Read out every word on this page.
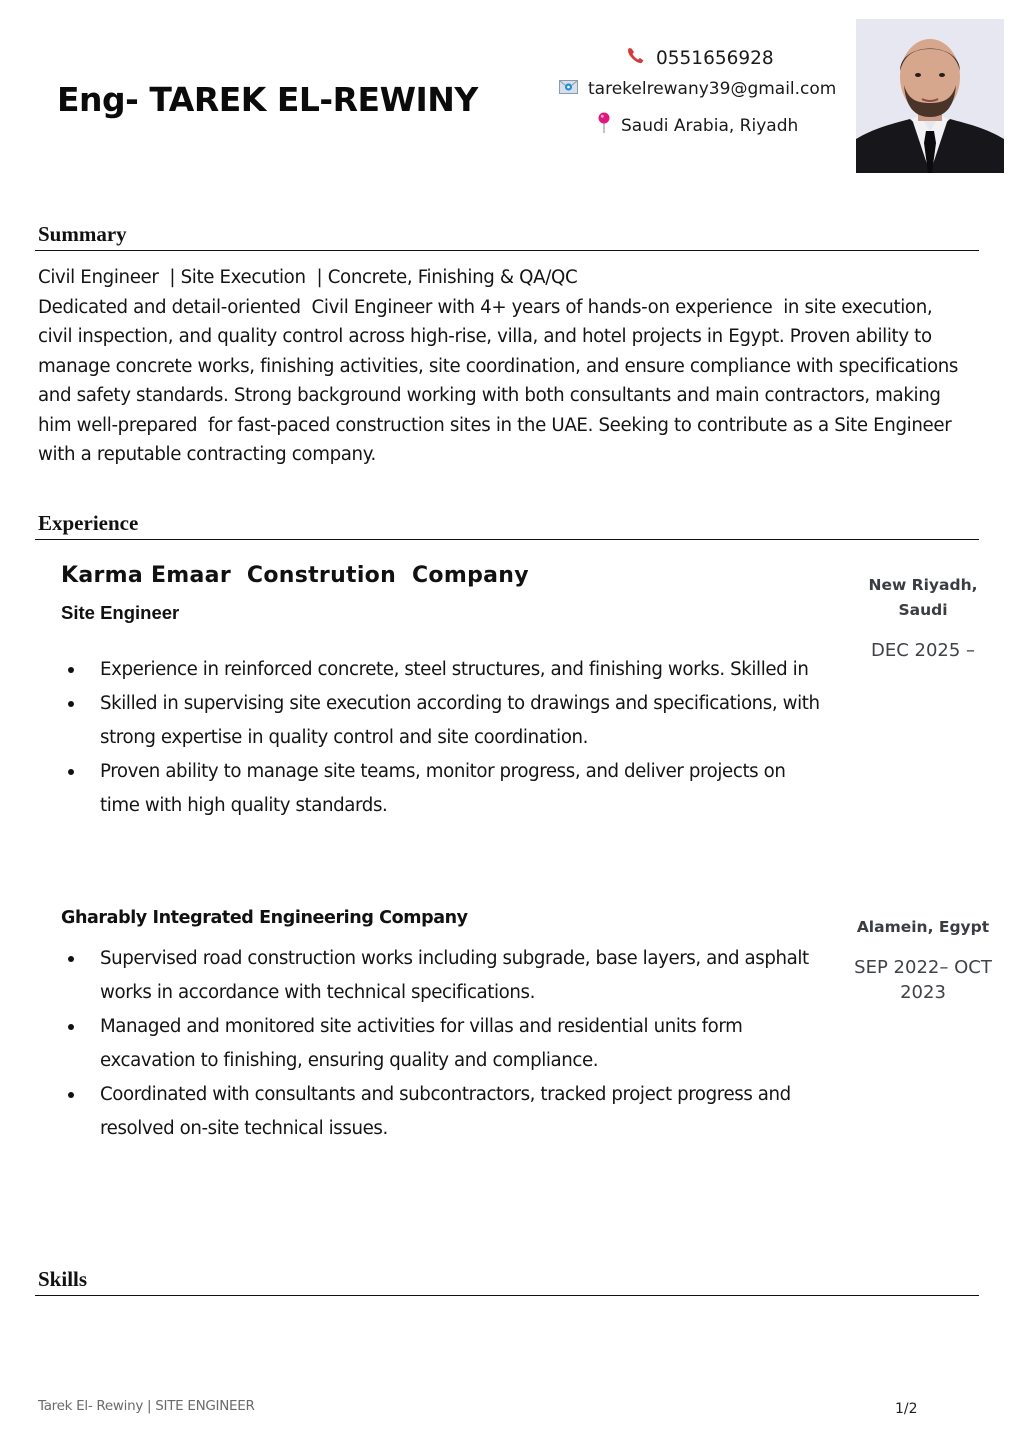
Eng- TAREK EL-REWINY
0551656928
tarekelrewany39@gmail.com
Saudi Arabia, Riyadh
Summary

Civil Engineer  | Site Execution  | Concrete, Finishing & QA/QC

Dedicated and detail-oriented  Civil Engineer with 4+ years of hands-on experience  in site execution, civil inspection, and quality control across high-rise, villa, and hotel projects in Egypt. Proven ability to manage concrete works, finishing activities, site coordination, and ensure compliance with specifications and safety standards. Strong background working with both consultants and main contractors, making him well-prepared  for fast-paced construction sites in the UAE. Seeking to contribute as a Site Engineer with a reputable contracting company.

Experience
Karma Emaar  Constrution  Company
Site Engineer
New Riyadh, Saudi
DEC 2025 –
Experience in reinforced concrete, steel structures, and finishing works. Skilled in
Skilled in supervising site execution according to drawings and specifications, with strong expertise in quality control and site coordination.
Proven ability to manage site teams, monitor progress, and deliver projects on time with high quality standards.
Gharably Integrated Engineering Company	Alamein, Egypt
SEP 2022– OCT 2023
Supervised road construction works including subgrade, base layers, and asphalt works in accordance with technical specifications.
Managed and monitored site activities for villas and residential units form excavation to finishing, ensuring quality and compliance.
Coordinated with consultants and subcontractors, tracked project progress and resolved on-site technical issues.
Skills
Tarek El- Rewiny | SITE ENGINEER	1/2
